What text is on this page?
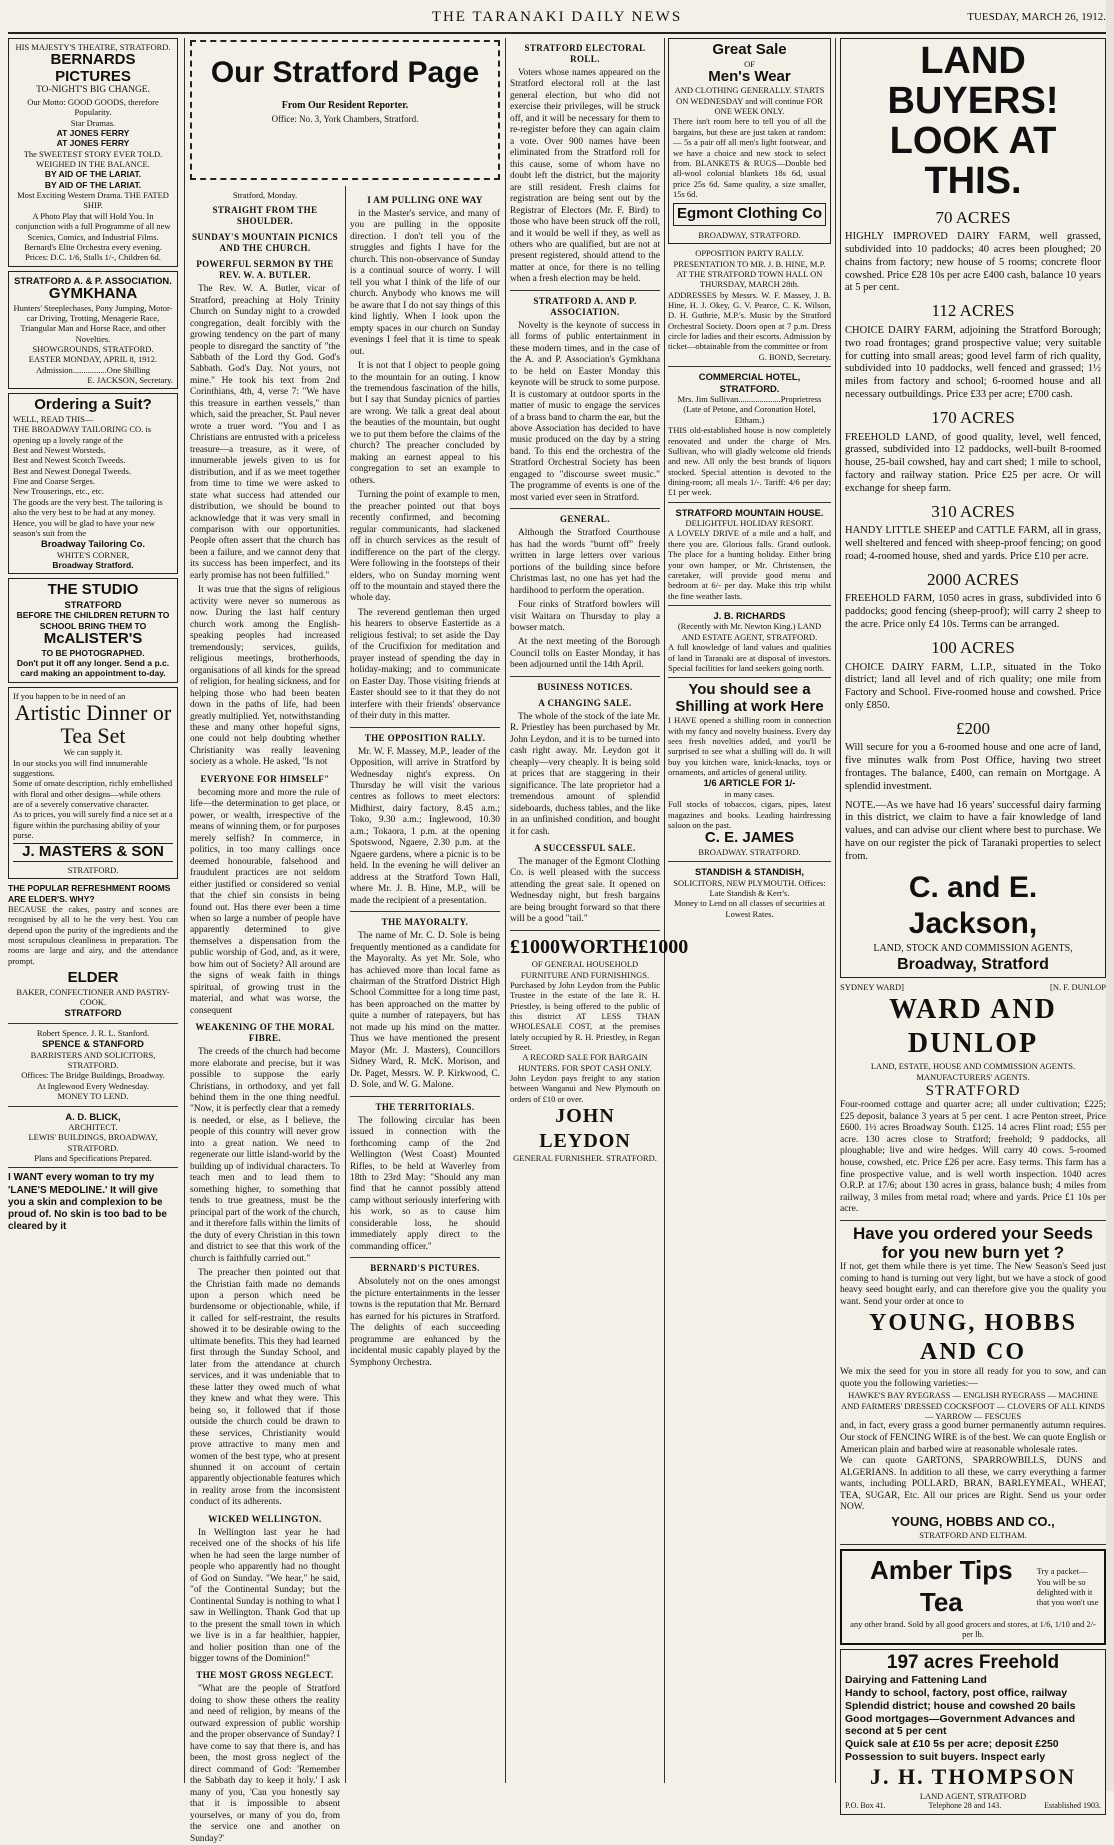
THE TARANAKI DAILY NEWS	TUESDAY, MARCH 26, 1912.
HIS MAJESTY'S THEATRE, STRATFORD.
BERNARDS PICTURES
TO-NIGHT'S BIG CHANGE.
Our Motto: GOOD GOODS, therefore Popularity.
Star Dramas.
AT JONES FERRY
AT JONES FERRY
The SWEETEST STORY EVER TOLD.
WEIGHED IN THE BALANCE.
BY AID OF THE LARIAT.
BY AID OF THE LARIAT.
Most Exciting Western Drama. THE FATED SHIP.
A Photo Play that will Hold You. In conjunction with a full Programme of all new Scenics, Comics, and Industrial Films.
Bernard's Elite Orchestra every evening. Prices: D.C. 1/6, Stalls 1/-, Children 6d.
STRATFORD A. & P. ASSOCIATION.
GYMKHANA
Hunters' Steeplechases, Pony Jumping, Motor-car Driving, Trotting, Menagerie Race, Triangular Man and Horse Race, and other Novelties.
SHOWGROUNDS, STRATFORD.
EASTER MONDAY, APRIL 8, 1912.
Admission................One Shilling
E. JACKSON, Secretary.
Ordering a Suit?
WELL, READ THIS—
THE BROADWAY TAILORING CO. is opening up a lovely range of the
Best and Newest Worsteds.
Best and Newest Scotch Tweeds.
Best and Newest Donegal Tweeds.
Fine and Coarse Serges.
New Trouserings, etc., etc.
The goods are the very best. The tailoring is also the very best to be had at any money. Hence, you will be glad to have your new season's suit from the
Broadway Tailoring Co.
WHITE'S CORNER,
Broadway Stratford.
THE STUDIO
STRATFORD
BEFORE THE CHILDREN RETURN TO SCHOOL BRING THEM TO
McALISTER'S
TO BE PHOTOGRAPHED.
Don't put it off any longer. Send a p.c. card making an appointment to-day.
If you happen to be in need of an
Artistic Dinner or Tea Set
We can supply it.
In our stocks you will find innumerable suggestions.
Some of ornate description, richly embellished with floral and other designs—while others are of a severely conservative character.
As to prices, you will surely find a nice set at a figure within the purchasing ability of your purse.
J. MASTERS & SON
STRATFORD.
THE POPULAR REFRESHMENT ROOMS ARE ELDER'S. WHY?
BECAUSE the cakes, pastry and scones are recognised by all to be the very best. You can depend upon the purity of the ingredients and the most scrupulous cleanliness in preparation. The rooms are large and airy, and the attendance prompt.
ELDER
BAKER, CONFECTIONER AND PASTRY-COOK.
STRATFORD
Robert Spence. J. R. L. Stanford.
SPENCE & STANFORD
BARRISTERS AND SOLICITORS, STRATFORD.
Offices: The Bridge Buildings, Broadway.
At Inglewood Every Wednesday.
MONEY TO LEND.
A. D. BLICK,
ARCHITECT.
LEWIS' BUILDINGS, BROADWAY, STRATFORD.
Plans and Specifications Prepared.
I WANT every woman to try my 'LANE'S MEDOLINE.' It will give you a skin and complexion to be proud of. No skin is too bad to be cleared by it
Our Stratford Page
From Our Resident Reporter.
Office: No. 3, York Chambers, Stratford.
Stratford, Monday.
STRAIGHT FROM THE SHOULDER.
SUNDAY'S MOUNTAIN PICNICS AND THE CHURCH.
POWERFUL SERMON BY THE REV. W. A. BUTLER.

The Rev. W. A. Butler, vicar of Stratford, preaching at Holy Trinity Church on Sunday night to a crowded congregation, dealt forcibly with the growing tendency on the part of many people to disregard the sanctity of "the Sabbath of the Lord thy God. God's Sabbath. God's Day. Not yours, not mine." He took his text from 2nd Corinthians, 4th, 4, verse 7: "We have this treasure in earthen vessels," than which, said the preacher, St. Paul never wrote a truer word. "You and I as Christians are entrusted with a priceless treasure—a treasure, as it were, of innumerable jewels given to us for distribution, and if as we meet together from time to time we were asked to state what success had attended our distribution, we should be bound to acknowledge that it was very small in comparison with our opportunities. People often assert that the church has been a failure, and we cannot deny that its success has been imperfect, and its early promise has not been fulfilled."

It was true that the signs of religious activity were never so numerous as now. During the last half century church work among the English-speaking peoples had increased tremendously; services, guilds, religious meetings, brotherhoods, organisations of all kinds for the spread of religion, for healing sickness, and for helping those who had been beaten down in the paths of life, had been greatly multiplied. Yet, notwithstanding these and many other hopeful signs, one could not help doubting whether Christianity was really leavening society as a whole. He asked, "Is not

EVERYONE FOR HIMSELF"

becoming more and more the rule of life—the determination to get place, or power, or wealth, irrespective of the means of winning them, or for purposes merely selfish? In commerce, in politics, in too many callings once deemed honourable, falsehood and fraudulent practices are not seldom either justified or considered so venial that the chief sin consists in being found out. Has there ever been a time when so large a number of people have apparently determined to give themselves a dispensation from the public worship of God, and, as it were, bow him out of Society? All around are the signs of weak faith in things spiritual, of growing trust in the material, and what was worse, the consequent

WEAKENING OF THE MORAL FIBRE.

The creeds of the church had become more elaborate and precise, but it was possible to suppose the early Christians, in orthodoxy, and yet fall behind them in the one thing needful. "Now, it is perfectly clear that a remedy is needed, or else, as I believe, the people of this country will never grow into a great nation. We need to regenerate our little island-world by the building up of individual characters. To teach men and to lead them to something higher, to something that tends to true greatness, must be the principal part of the work of the church, and it therefore falls within the limits of the duty of every Christian in this town and district to see that this work of the church is faithfully carried out."

The preacher then pointed out that the Christian faith made no demands upon a person which need be burdensome or objectionable, while, if it called for self-restraint, the results showed it to be desirable owing to the ultimate benefits. This they had learned first through the Sunday School, and later from the attendance at church services, and it was undeniable that to these latter they owed much of what they knew and what they were. This being so, it followed that if those outside the church could be drawn to these services, Christianity would prove attractive to many men and women of the best type, who at present shunned it on account of certain apparently objectionable features which in reality arose from the inconsistent conduct of its adherents.

WICKED WELLINGTON.

In Wellington last year he had received one of the shocks of his life when he had seen the large number of people who apparently had no thought of God on Sunday. "We hear," he said, "of the Continental Sunday; but the Continental Sunday is nothing to what I saw in Wellington. Thank God that up to the present the small town in which we live is in a far healthier, happier, and holier position than one of the bigger towns of the Dominion!"

THE MOST GROSS NEGLECT.

"What are the people of Stratford doing to show these others the reality and need of religion, by means of the outward expression of public worship and the proper observance of Sunday? I have come to say that there is, and has been, the most gross neglect of the direct command of God: 'Remember the Sabbath day to keep it holy.' I ask many of you, 'Can you honestly say that it is impossible to absent yourselves, or many of you do, from the service one and another on Sunday?'

I AM PULLING ONE WAY

in the Master's service, and many of you are pulling in the opposite direction. I don't tell you of the struggles and fights I have for the church. This non-observance of Sunday is a continual source of worry. I will tell you what I think of the life of our church. Anybody who knows me will be aware that I do not say things of this kind lightly. When I look upon the empty spaces in our church on Sunday evenings I feel that it is time to speak out.

It is not that I object to people going to the mountain for an outing. I know the tremendous fascination of the hills, but I say that Sunday picnics of parties are wrong. We talk a great deal about the beauties of the mountain, but ought we to put them before the claims of the church? The preacher concluded by making an earnest appeal to his congregation to set an example to others.

Turning the point of example to men, the preacher pointed out that boys recently confirmed, and becoming regular communicants, had slackened off in church services as the result of indifference on the part of the clergy. Were following in the footsteps of their elders, who on Sunday morning went off to the mountain and stayed there the whole day.

The reverend gentleman then urged his hearers to observe Eastertide as a religious festival; to set aside the Day of the Crucifixion for meditation and prayer instead of spending the day in holiday-making; and to communicate on Easter Day. Those visiting friends at Easter should see to it that they do not interfere with their friends' observance of their duty in this matter.

THE OPPOSITION RALLY.

Mr. W. F. Massey, M.P., leader of the Opposition, will arrive in Stratford by Wednesday night's express. On Thursday he will visit the various centres as follows to meet electors: Midhirst, dairy factory, 8.45 a.m.; Toko, 9.30 a.m.; Inglewood, 10.30 a.m.; Tokaora, 1 p.m. at the opening Spotswood, Ngaere, 2.30 p.m. at the Ngaere gardens, where a picnic is to be held. In the evening he will deliver an address at the Stratford Town Hall, where Mr. J. B. Hine, M.P., will be made the recipient of a presentation.

THE MAYORALTY.

The name of Mr. C. D. Sole is being frequently mentioned as a candidate for the Mayoralty. As yet Mr. Sole, who has achieved more than local fame as chairman of the Stratford District High School Committee for a long time past, has been approached on the matter by quite a number of ratepayers, but has not made up his mind on the matter. Thus we have mentioned the present Mayor (Mr. J. Masters), Councillors Sidney Ward, R. McK. Morison, and Dr. Paget, Messrs. W. P. Kirkwood, C. D. Sole, and W. G. Malone.

THE TERRITORIALS.

The following circular has been issued in connection with the forthcoming camp of the 2nd Wellington (West Coast) Mounted Rifles, to be held at Waverley from 18th to 23rd May: "Should any man find that he cannot possibly attend camp without seriously interfering with his work, so as to cause him considerable loss, he should immediately apply direct to the commanding officer."

BERNARD'S PICTURES.

Absolutely not on the ones amongst the picture entertainments in the lesser towns is the reputation that Mr. Bernard has earned for his pictures in Stratford. The delights of each succeeding programme are enhanced by the incidental music capably played by the Symphony Orchestra.

STRATFORD ELECTORAL ROLL.

Voters whose names appeared on the Stratford electoral roll at the last general election, but who did not exercise their privileges, will be struck off, and it will be necessary for them to re-register before they can again claim a vote. Over 900 names have been eliminated from the Stratford roll for this cause, some of whom have no doubt left the district, but the majority are still resident. Fresh claims for registration are being sent out by the Registrar of Electors (Mr. F. Bird) to those who have been struck off the roll, and it would be well if they, as well as others who are qualified, but are not at present registered, should attend to the matter at once, for there is no telling when a fresh election may be held.

STRATFORD A. AND P. ASSOCIATION.

Novelty is the keynote of success in all forms of public entertainment in these modern times, and in the case of the A. and P. Association's Gymkhana to be held on Easter Monday this keynote will be struck to some purpose. It is customary at outdoor sports in the matter of music to engage the services of a brass band to charm the ear, but the above Association has decided to have music produced on the day by a string band. To this end the orchestra of the Stratford Orchestral Society has been engaged to "discourse sweet music." The programme of events is one of the most varied ever seen in Stratford.

GENERAL.

Although the Stratford Courthouse has had the words "burnt off" freely written in large letters over various portions of the building since before Christmas last, no one has yet had the hardihood to perform the operation.

Four rinks of Stratford bowlers will visit Waitara on Thursday to play a bowser match.

At the next meeting of the Borough Council tolls on Easter Monday, it has been adjourned until the 14th April.

BUSINESS NOTICES.
A CHANGING SALE.

The whole of the stock of the late Mr. R. Priestley has been purchased by Mr. John Leydon, and it is to be turned into cash right away. Mr. Leydon got it cheaply—very cheaply. It is being sold at prices that are staggering in their significance. The late proprietor had a tremendous amount of splendid sideboards, duchess tables, and the like in an unfinished condition, and bought it for cash.

A SUCCESSFUL SALE.

The manager of the Egmont Clothing Co. is well pleased with the success attending the great sale. It opened on Wednesday night, but fresh bargains are being brought forward so that there will be a good "tail."

£1000 WORTH £1000
OF GENERAL HOUSEHOLD FURNITURE AND FURNISHINGS.
Purchased by John Leydon from the Public Trustee in the estate of the late R. H. Priestley, is being offered to the public of this district AT LESS THAN WHOLESALE COST, at the premises lately occupied by R. H. Priestley, in Regan Street.
A RECORD SALE FOR BARGAIN HUNTERS. FOR SPOT CASH ONLY.
John Leydon pays freight to any station between Wanganui and New Plymouth on orders of £10 or over.
JOHN LEYDON
GENERAL FURNISHER. STRATFORD.
Great Sale
OF
Men's Wear
AND CLOTHING GENERALLY. STARTS ON WEDNESDAY and will continue FOR ONE WEEK ONLY.
There isn't room here to tell you of all the bargains, but these are just taken at random:— 5s a pair off all men's light footwear, and we have a choice and new stock to select from. BLANKETS & RUGS—Double bed all-wool colonial blankets 18s 6d, usual price 25s 6d. Same quality, a size smaller, 15s 6d.
Egmont Clothing Co
BROADWAY, STRATFORD.
OPPOSITION PARTY RALLY.
PRESENTATION TO MR. J. B. HINE, M.P.
AT THE STRATFORD TOWN HALL ON THURSDAY, MARCH 28th.
ADDRESSES by Messrs. W. F. Massey, J. B. Hine, H. J. Okey, G. V. Pearce, C. K. Wilson, D. H. Guthrie, M.P.'s. Music by the Stratford Orchestral Society. Doors open at 7 p.m. Dress circle for ladies and their escorts. Admission by ticket—obtainable from the committee or from
G. BOND, Secretary.
COMMERCIAL HOTEL, STRATFORD.
Mrs. Jim Sullivan....................Proprietress (Late of Petone, and Coronation Hotel, Eltham.)
THIS old-established house is now completely renovated and under the charge of Mrs. Sullivan, who will gladly welcome old friends and new. All only the best brands of liquors stocked. Special attention is devoted to the dining-room; all meals 1/-. Tariff: 4/6 per day; £1 per week.
STRATFORD MOUNTAIN HOUSE.
DELIGHTFUL HOLIDAY RESORT.
A LOVELY DRIVE of a mile and a half, and there you are. Glorious falls. Grand outlook. The place for a hunting holiday. Either bring your own hamper, or Mr. Christensen, the caretaker, will provide good menu and bedroom at 6/- per day. Make this trip whilst the fine weather lasts.
J. B. RICHARDS
(Recently with Mr. Newton King.) LAND AND ESTATE AGENT, STRATFORD.
A full knowledge of land values and qualities of land in Taranaki are at disposal of investors. Special facilities for land seekers going north.
You should see a Shilling at work Here
I HAVE opened a shilling room in connection with my fancy and novelty business. Every day sees fresh novelties added, and you'll be surprised to see what a shilling will do. It will buy you kitchen ware, knick-knacks, toys or ornaments, and articles of general utility.
1/6 ARTICLE FOR 1/-
in many cases.
Full stocks of tobaccos, cigars, pipes, latest magazines and books. Leading hairdressing saloon on the past.
C. E. JAMES
BROADWAY. STRATFORD.
STANDISH & STANDISH,
SOLICITORS, NEW PLYMOUTH. Offices: Late Standish & Kerr's.
Money to Lend on all classes of securities at Lowest Rates.
LAND BUYERS!
LOOK AT THIS.
70 ACRES
HIGHLY IMPROVED DAIRY FARM, well grassed, subdivided into 10 paddocks; 40 acres been ploughed; 20 chains from factory; new house of 5 rooms; concrete floor cowshed. Price £28 10s per acre £400 cash, balance 10 years at 5 per cent.
112 ACRES
CHOICE DAIRY FARM, adjoining the Stratford Borough; two road frontages; grand prospective value; very suitable for cutting into small areas; good level farm of rich quality, subdivided into 10 paddocks, well fenced and grassed; 1½ miles from factory and school; 6-roomed house and all necessary outbuildings. Price £33 per acre; £700 cash.
170 ACRES
FREEHOLD LAND, of good quality, level, well fenced, grassed, subdivided into 12 paddocks, well-built 8-roomed house, 25-bail cowshed, hay and cart shed; 1 mile to school, factory and railway station. Price £25 per acre. Or will exchange for sheep farm.
310 ACRES
HANDY LITTLE SHEEP and CATTLE FARM, all in grass, well sheltered and fenced with sheep-proof fencing; on good road; 4-roomed house, shed and yards. Price £10 per acre.
2000 ACRES
FREEHOLD FARM, 1050 acres in grass, subdivided into 6 paddocks; good fencing (sheep-proof); will carry 2 sheep to the acre. Price only £4 10s. Terms can be arranged.
100 ACRES
CHOICE DAIRY FARM, L.I.P., situated in the Toko district; land all level and of rich quality; one mile from Factory and School. Five-roomed house and cowshed. Price only £850.
£200
Will secure for you a 6-roomed house and one acre of land, five minutes walk from Post Office, having two street frontages. The balance, £400, can remain on Mortgage. A splendid investment.
NOTE.—As we have had 16 years' successful dairy farming in this district, we claim to have a fair knowledge of land values, and can advise our client where best to purchase. We have on our register the pick of Taranaki properties to select from.
C. and E. Jackson,
LAND, STOCK AND COMMISSION AGENTS,
Broadway, Stratford
SYDNEY WARD]	[N. F. DUNLOP
WARD AND DUNLOP
LAND, ESTATE, HOUSE AND COMMISSION AGENTS. MANUFACTURERS' AGENTS.
STRATFORD
Four-roomed cottage and quarter acre; all under cultivation; £225; £25 deposit, balance 3 years at 5 per cent. 1 acre Penton street, Price £600. 1½ acres Broadway South. £125. 14 acres Flint road; £55 per acre. 130 acres close to Stratford; freehold; 9 paddocks, all ploughable; live and wire hedges. Will carry 40 cows. 5-roomed house, cowshed, etc. Price £26 per acre. Easy terms. This farm has a fine prospective value, and is well worth inspection. 1040 acres O.R.P. at 17/6; about 130 acres in grass, balance bush; 4 miles from railway, 3 miles from metal road; where and yards. Price £1 10s per acre.
Have you ordered your Seeds for you new burn yet ?
If not, get them while there is yet time. The New Season's Seed just coming to hand is turning out very light, but we have a stock of good heavy seed bought early, and can therefore give you the quality you want. Send your order at once to
YOUNG, HOBBS AND CO
We mix the seed for you in store all ready for you to sow, and can quote you the following varieties:—
HAWKE'S BAY RYEGRASS — ENGLISH RYEGRASS — MACHINE AND FARMERS' DRESSED COCKSFOOT — CLOVERS OF ALL KINDS — YARROW — FESCUES
and, in fact, every grass a good burner permanently autumn requires. Our stock of FENCING WIRE is of the best. We can quote English or American plain and barbed wire at reasonable wholesale rates.
We can quote GARTONS, SPARROWBILLS, DUNS and ALGERIANS. In addition to all these, we carry everything a farmer wants, including POLLARD, BRAN, BARLEYMEAL, WHEAT, TEA, SUGAR, Etc. All our prices are Right. Send us your order NOW.
YOUNG, HOBBS AND CO.,
STRATFORD AND ELTHAM.
Amber Tips Tea
Try a packet—You will be so delighted with it that you won't use
any other brand. Sold by all good grocers and stores, at 1/6, 1/10 and 2/- per lb.
197 acres Freehold
Dairying and Fattening Land
Handy to school, factory, post office, railway
Splendid district; house and cowshed 20 bails
Good mortgages—Government Advances and second at 5 per cent
Quick sale at £10 5s per acre; deposit £250
Possession to suit buyers. Inspect early
J. H. THOMPSON
LAND AGENT, STRATFORD
P.O. Box 41.	Telephone 28 and 143.	Established 1903.
